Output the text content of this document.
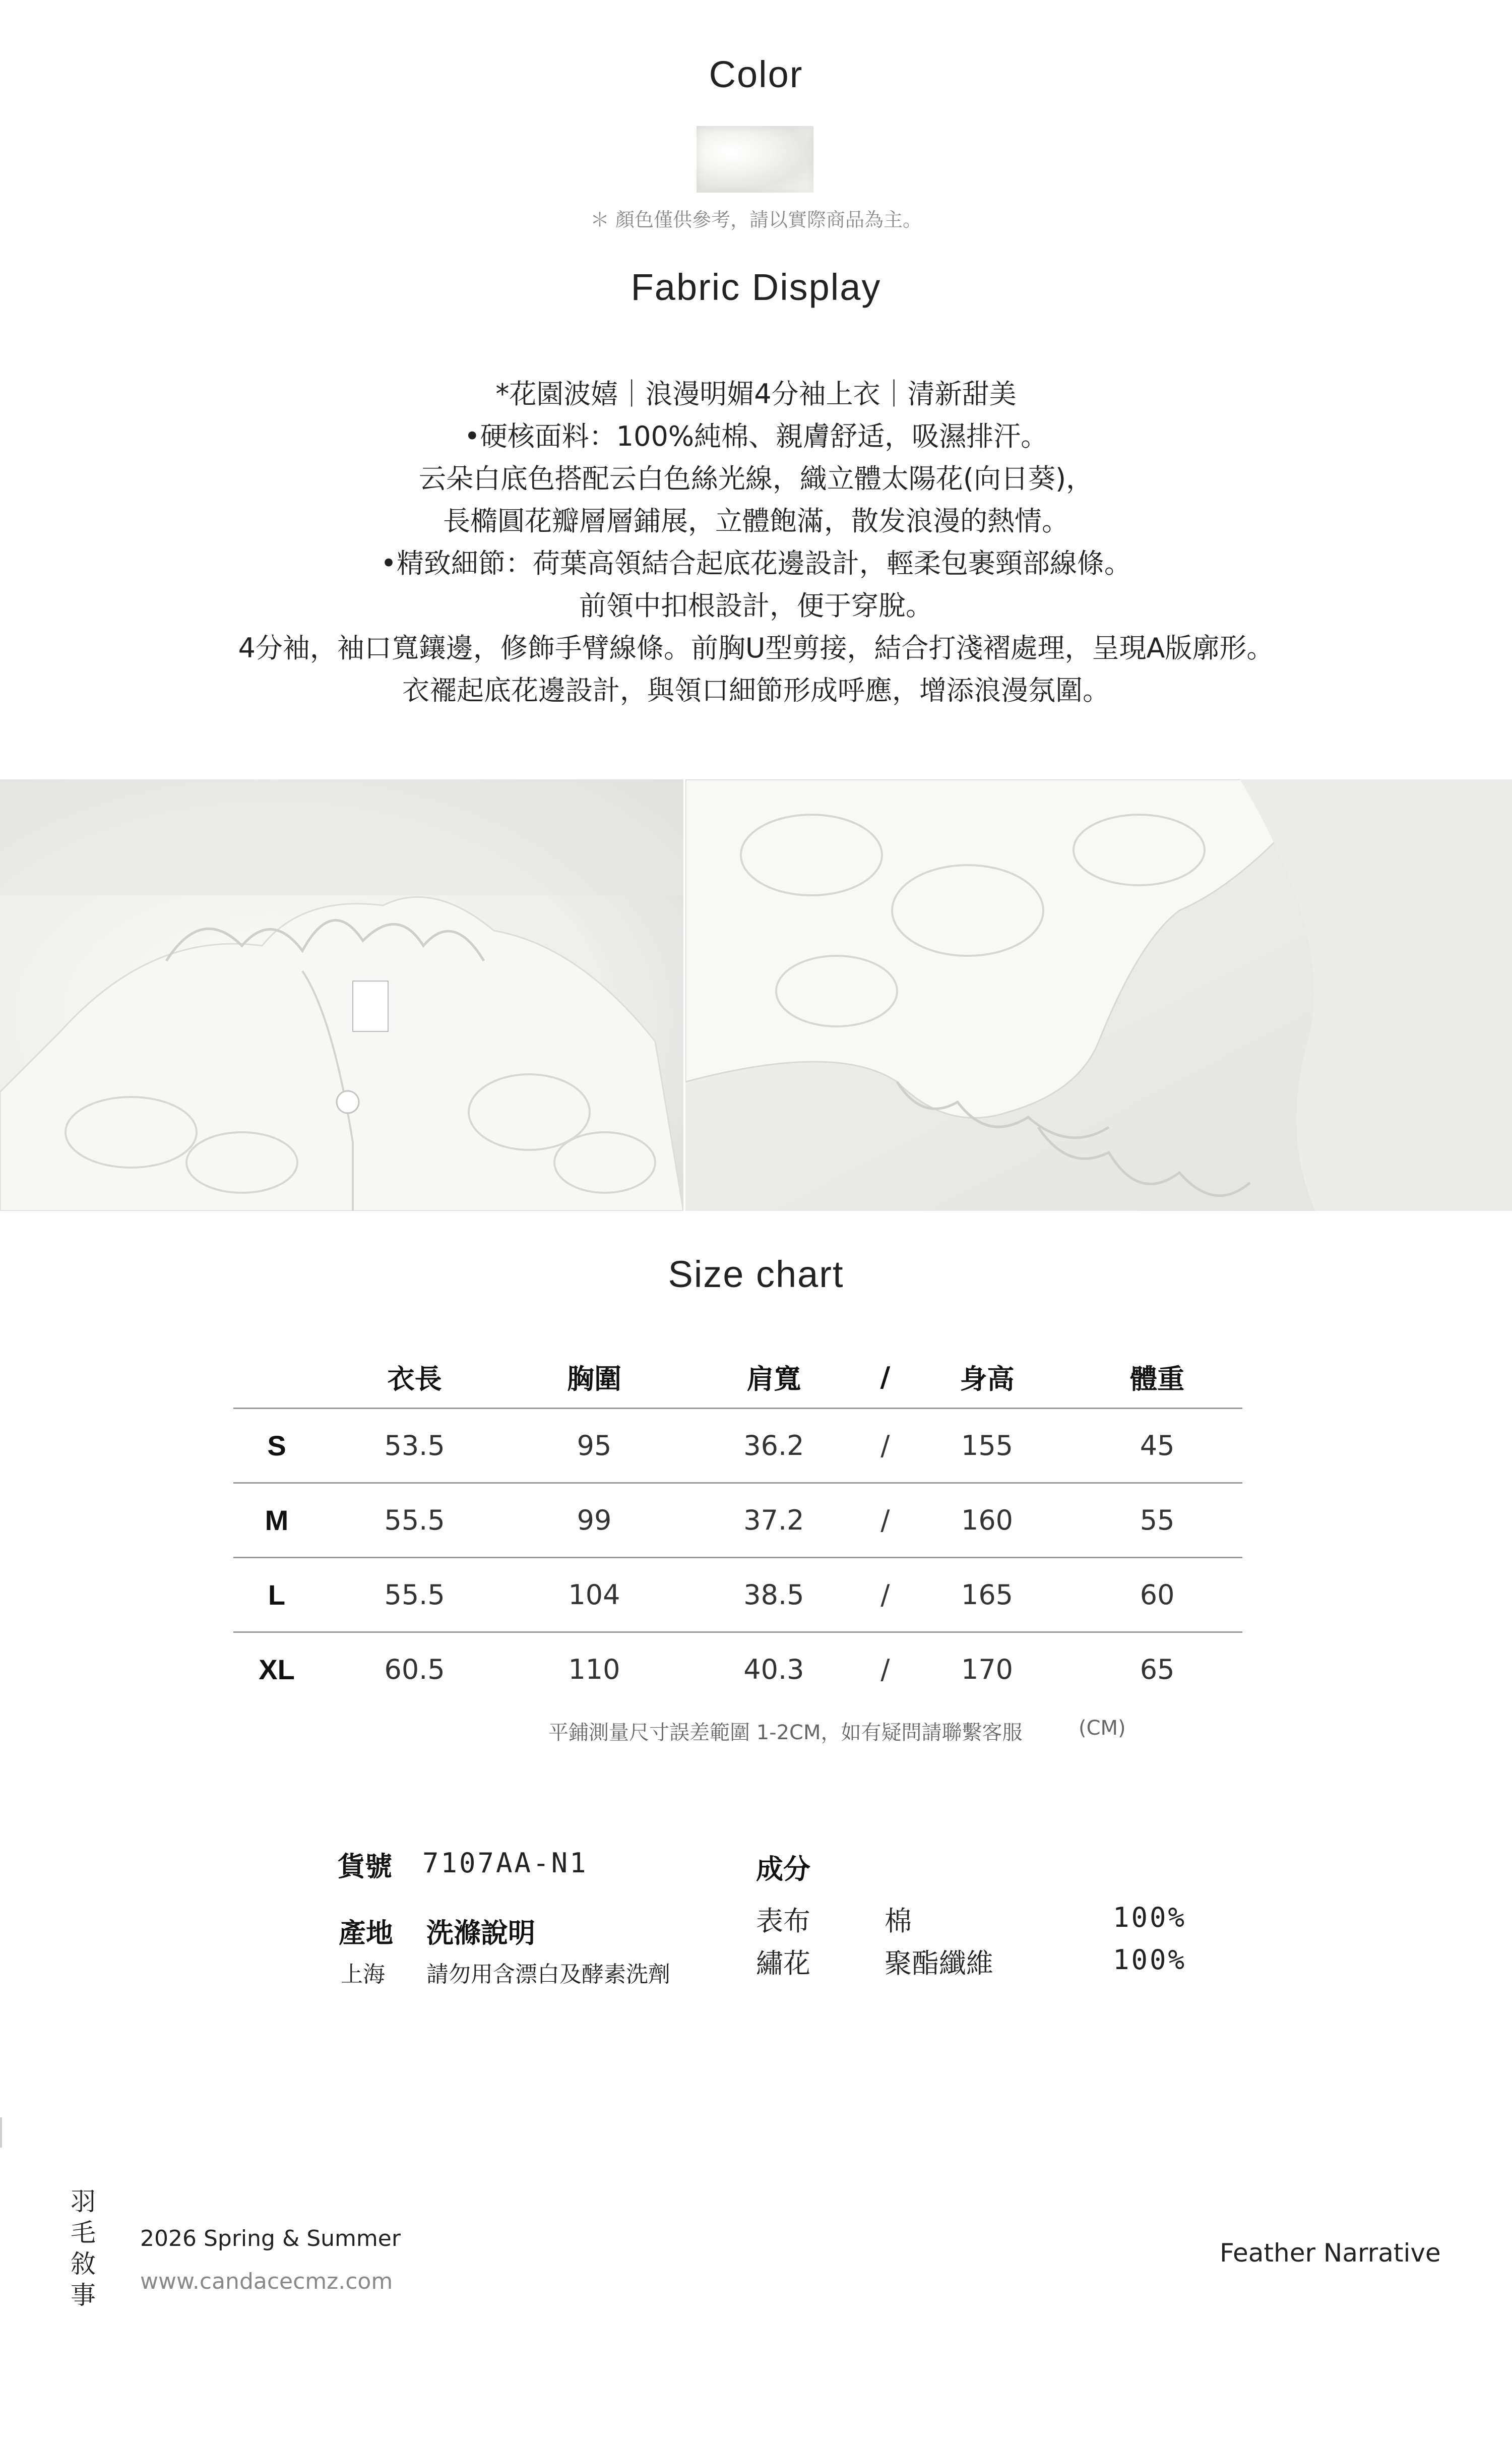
Color
＊ 顏色僅供參考，請以實際商品為主。
Fabric Display
*花園波嬉｜浪漫明媚4分袖上衣｜清新甜美
•硬核面料：100%純棉、親膚舒适，吸濕排汗。
云朵白底色搭配云白色絲光線，織立體太陽花(向日葵)，
長橢圓花瓣層層鋪展，立體飽滿，散发浪漫的熱情。
•精致細節：荷葉高領結合起底花邊設計，輕柔包裹頸部線條。
前領中扣根設計，便于穿脫。
4分袖，袖口寬鑲邊，修飾手臂線條。前胸U型剪接，結合打淺褶處理，呈現A版廓形。
衣襬起底花邊設計，與領口細節形成呼應，增添浪漫氛圍。
Size chart
	衣長	胸圍	肩寬	/	身高	體重
S	53.5	95	36.2	/	155	45
M	55.5	99	37.2	/	160	55
L	55.5	104	38.5	/	165	60
XL	60.5	110	40.3	/	170	65
平鋪測量尺寸誤差範圍 1-2CM，如有疑問請聯繫客服	(CM)
貨號 7107AA-N1
產地 洗滌說明
上海 請勿用含漂白及酵素洗劑
成分
表布	棉	100%
繡花	聚酯纖維	100%
羽毛敘事 2026 Spring & Summer
www.candacecmz.com
Feather Narrative
